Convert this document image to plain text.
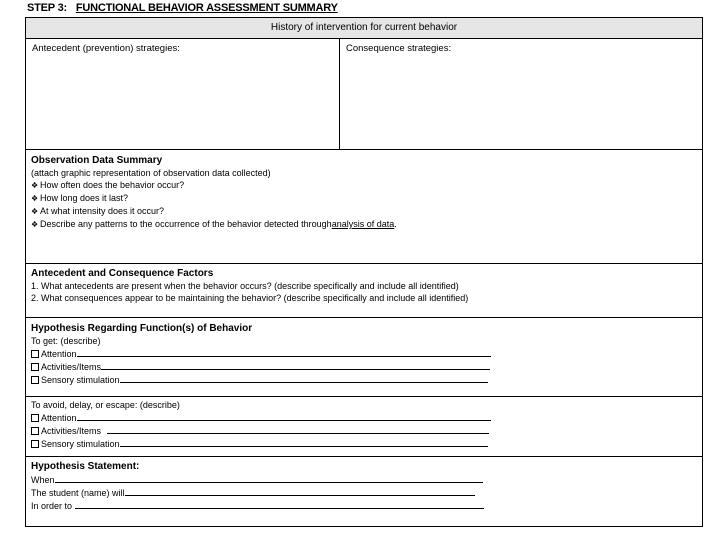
STEP 3: FUNCTIONAL BEHAVIOR ASSESSMENT SUMMARY
History of intervention for current behavior
Antecedent (prevention) strategies:	Consequence strategies:
Observation Data Summary
(attach graphic representation of observation data collected)
❖ How often does the behavior occur?
❖ How long does it last?
❖ At what intensity does it occur?
❖ Describe any patterns to the occurrence of the behavior detected throughanalysis of data.
Antecedent and Consequence Factors
1. What antecedents are present when the behavior occurs? (describe specifically and include all identified)
2. What consequences appear to be maintaining the behavior? (describe specifically and include all identified)
Hypothesis Regarding Function(s) of Behavior
To get: (describe)
Attention
Activities/Items
Sensory stimulation
To avoid, delay, or escape: (describe)
Attention
Activities/Items
Sensory stimulation
Hypothesis Statement:
When
The student (name) will
In order to
